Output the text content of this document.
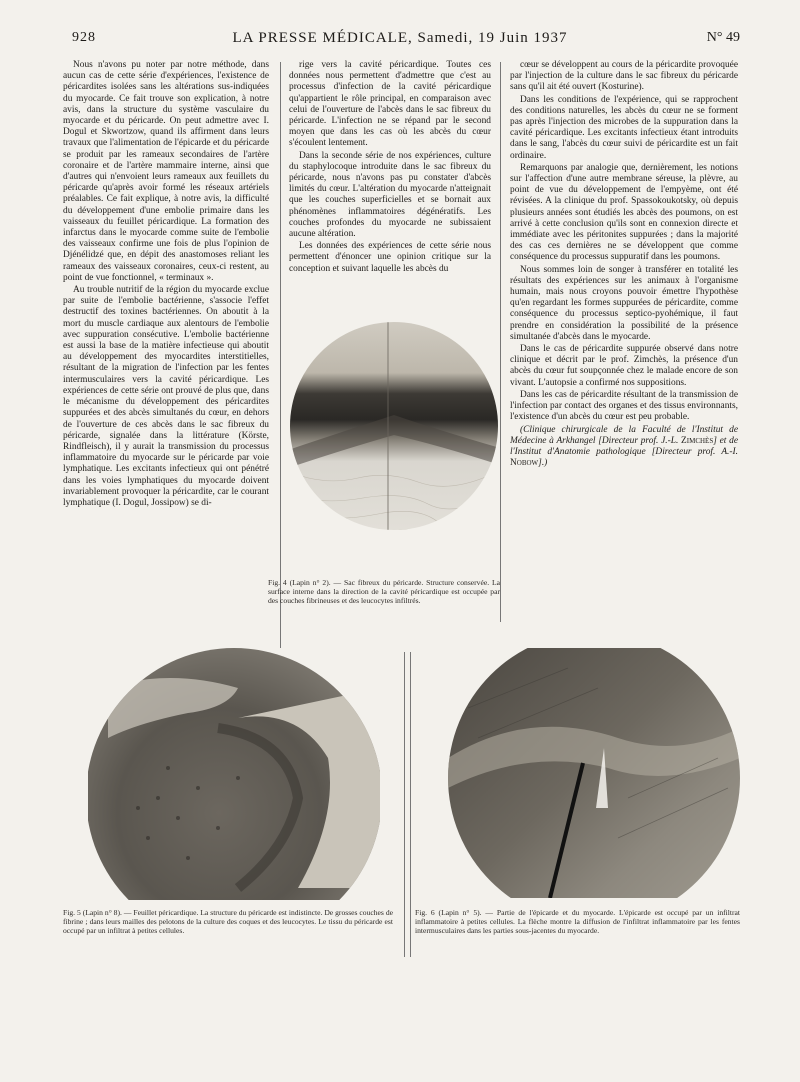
928	LA PRESSE MÉDICALE, Samedi, 19 Juin 1937	N° 49

Nous n'avons pu noter par notre méthode, dans aucun cas de cette série d'expériences, l'existence de péricardites isolées sans les altérations sus-indiquées du myocarde. Ce fait trouve son explication, à notre avis, dans la structure du système vasculaire du myocarde et du péricarde. On peut admettre avec I. Dogul et Skwortzow, quand ils affirment dans leurs travaux que l'alimentation de l'épicarde et du péricarde se produit par les rameaux secondaires de l'artère coronaire et de l'artère mammaire interne, ainsi que d'autres qui n'envoient leurs rameaux aux feuillets du péricarde qu'après avoir formé les réseaux artériels préalables. Ce fait explique, à notre avis, la difficulté du développement d'une embolie primaire dans les vaisseaux du feuillet péricardique. La formation des infarctus dans le myocarde comme suite de l'embolie des vaisseaux confirme une fois de plus l'opinion de Djénélidzé que, en dépit des anastomoses reliant les rameaux des vaisseaux coronaires, ceux-ci restent, au point de vue fonctionnel, « terminaux ».

Au trouble nutritif de la région du myocarde exclue par suite de l'embolie bactérienne, s'associe l'effet destructif des toxines bactériennes. On aboutit à la mort du muscle cardiaque aux alentours de l'embolie avec suppuration consécutive. L'embolie bactérienne est aussi la base de la matière infectieuse qui aboutit au développement des myocardites interstitielles, résultant de la migration de l'infection par les fentes intermusculaires vers la cavité péricardique. Les expériences de cette série ont prouvé de plus que, dans le mécanisme du développement des péricardites suppurées et des abcès simultanés du cœur, en dehors de l'ouverture de ces abcès dans le sac fibreux du péricarde, signalée dans la littérature (Körste, Rindfleisch), il y aurait la transmission du processus inflammatoire du myocarde sur le péricarde par voie lymphatique. Les excitants infectieux qui ont pénétré dans les voies lymphatiques du myocarde doivent invariablement provoquer la péricardite, car le courant lymphatique (I. Dogul, Jossipow) se di-

rige vers la cavité péricardique. Toutes ces données nous permettent d'admettre que c'est au processus d'infection de la cavité péricardique qu'appartient le rôle principal, en comparaison avec celui de l'ouverture de l'abcès dans le sac fibreux du péricarde. L'infection ne se répand par le second moyen que dans les cas où les abcès du cœur s'écoulent lentement.

Dans la seconde série de nos expériences, culture du staphylocoque introduite dans le sac fibreux du péricarde, nous n'avons pas pu constater d'abcès limités du cœur. L'altération du myocarde n'atteignait que les couches superficielles et se bornait aux phénomènes inflammatoires dégénératifs. Les couches profondes du myocarde ne subissaient aucune altération.

Les données des expériences de cette série nous permettent d'énoncer une opinion critique sur la conception et suivant laquelle les abcès du

cœur se développent au cours de la péricardite provoquée par l'injection de la culture dans le sac fibreux du péricarde sans qu'il ait été ouvert (Kosturine).

Dans les conditions de l'expérience, qui se rapprochent des conditions naturelles, les abcès du cœur ne se forment pas après l'injection des microbes de la suppuration dans la cavité péricardique. Les excitants infectieux étant introduits dans le sang, l'abcès du cœur suivi de péricardite est un fait ordinaire.

Remarquons par analogie que, dernièrement, les notions sur l'affection d'une autre membrane séreuse, la plèvre, au point de vue du développement de l'empyème, ont été révisées. A la clinique du prof. Spassokoukotsky, où depuis plusieurs années sont étudiés les abcès des poumons, on est arrivé à cette conclusion qu'ils sont en connexion directe et immédiate avec les péritonites suppurées ; dans la majorité des cas ces dernières ne se développent que comme conséquence du processus suppuratif dans les poumons.

Nous sommes loin de songer à transférer en totalité les résultats des expériences sur les animaux à l'organisme humain, mais nous croyons pouvoir émettre l'hypothèse qu'en regardant les formes suppurées de péricardite, comme conséquence du processus septico-pyohémique, il faut prendre en considération la possibilité de la présence simultanée d'abcès dans le myocarde.

Dans le cas de péricardite suppurée observé dans notre clinique et décrit par le prof. Zimchès, la présence d'un abcès du cœur fut soupçonnée chez le malade encore de son vivant. L'autopsie a confirmé nos suppositions.

Dans les cas de péricardite résultant de la transmission de l'infection par contact des organes et des tissus environnants, l'existence d'un abcès du cœur est peu probable.

(Clinique chirurgicale de la Faculté de l'Institut de Médecine à Arkhangel [Directeur prof. J.-L. Zimchès] et de l'Institut d'Anatomie pathologique [Directeur prof. A.-I. Nobow].)

Fig. 4 (Lapin n° 2). — Sac fibreux du péricarde. Structure conservée. La surface interne dans la direction de la cavité péricardique est occupée par des couches fibrineuses et des leucocytes infiltrés.

Fig. 5 (Lapin n° 8). — Feuillet péricardique. La structure du péricarde est indistincte. De grosses couches de fibrine ; dans leurs mailles des pelotons de la culture des coques et des leucocytes. Le tissu du péricarde est occupé par un infiltrat à petites cellules.

Fig. 6 (Lapin n° 5). — Partie de l'épicarde et du myocarde. L'épicarde est occupé par un infiltrat inflammatoire à petites cellules. La flèche montre la diffusion de l'infiltrat inflammatoire par les fentes intermusculaires dans les parties sous-jacentes du myocarde.
